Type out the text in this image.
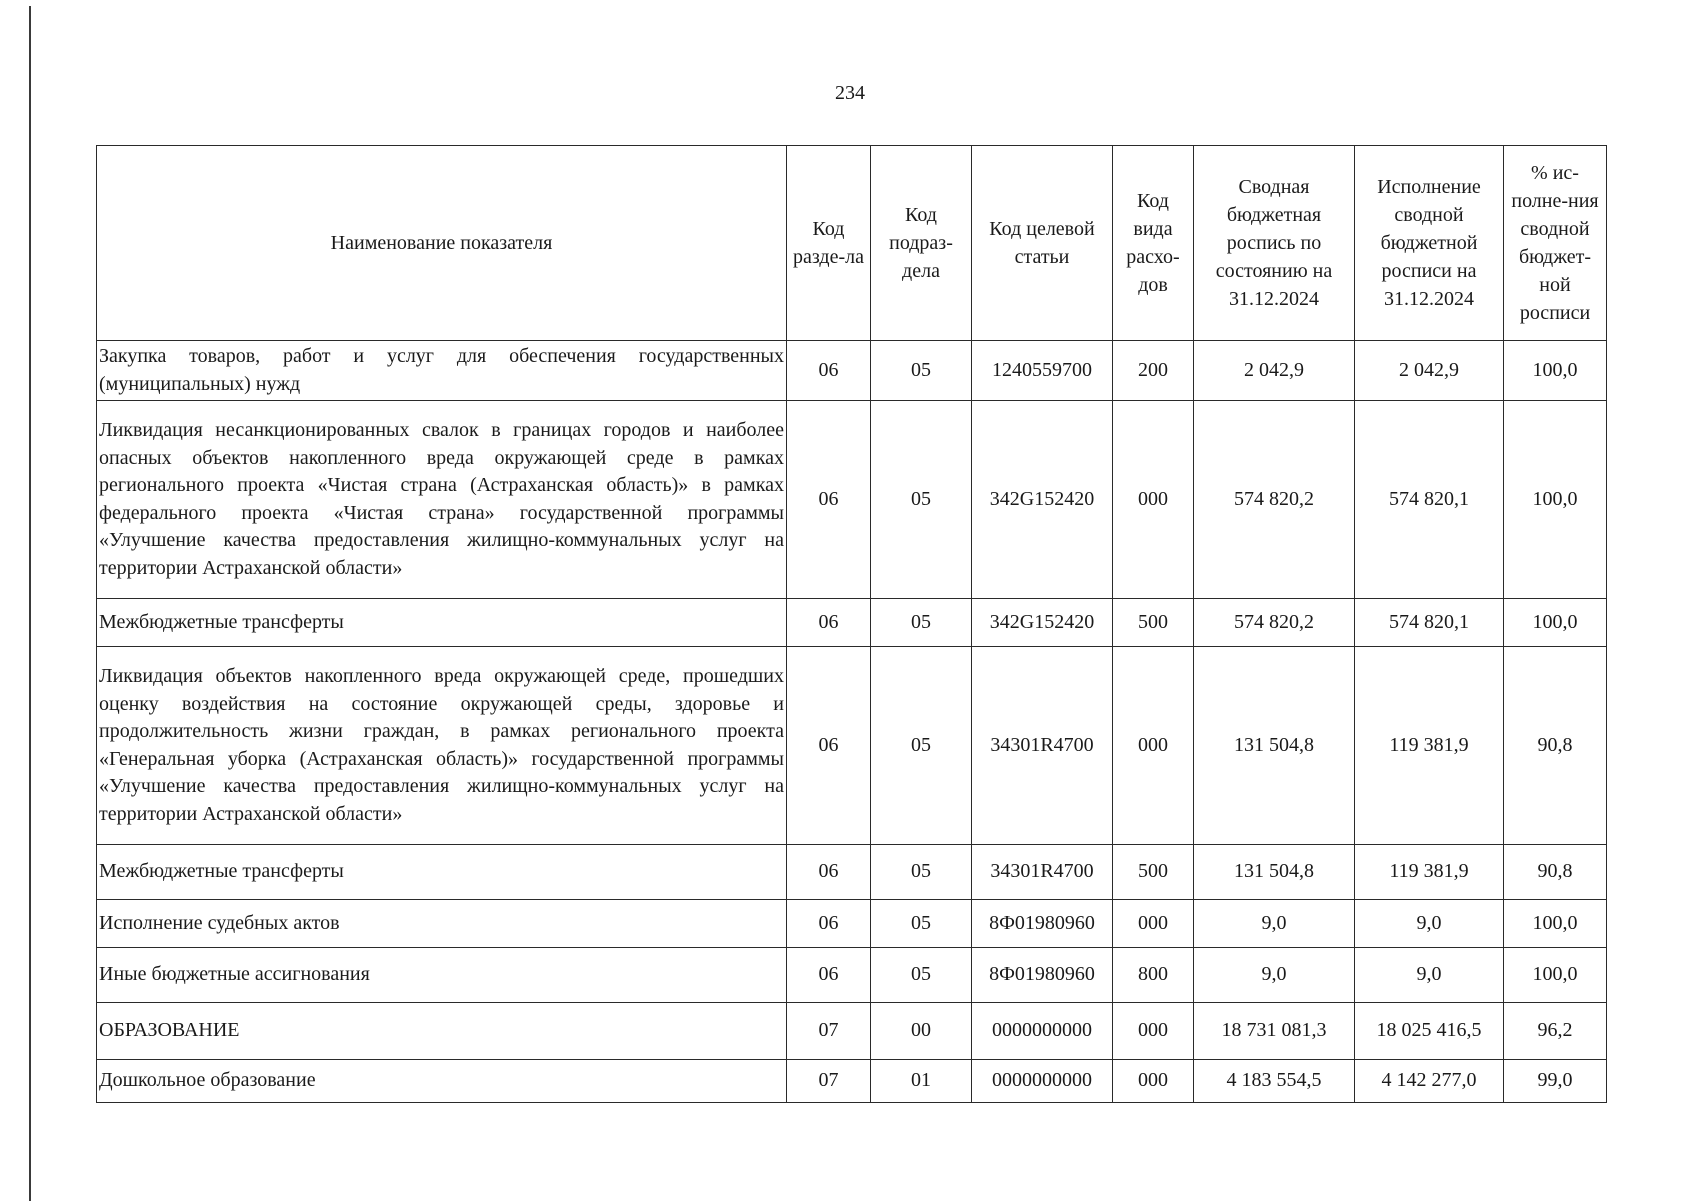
234
Наименование показателя	Код разде-ла	Код подраз-дела	Код целевой статьи	Код вида расхо-дов	Сводная бюджетная роспись по состоянию на 31.12.2024	Исполнение сводной бюджетной росписи на 31.12.2024	% ис-полне-ния сводной бюджет-ной росписи
Закупка товаров, работ и услуг для обеспечения государственных (муниципальных) нужд	06	05	1240559700	200	2 042,9	2 042,9	100,0
Ликвидация несанкционированных свалок в границах городов и наиболее опасных объектов накопленного вреда окружающей среде в рамках регионального проекта «Чистая страна (Астраханская область)» в рамках федерального проекта «Чистая страна» государственной программы «Улучшение качества предоставления жилищно-коммунальных услуг на территории Астраханской области»	06	05	342G152420	000	574 820,2	574 820,1	100,0
Межбюджетные трансферты	06	05	342G152420	500	574 820,2	574 820,1	100,0
Ликвидация объектов накопленного вреда окружающей среде, прошедших оценку воздействия на состояние окружающей среды, здоровье и продолжительность жизни граждан, в рамках регионального проекта «Генеральная уборка (Астраханская область)» государственной программы «Улучшение качества предоставления жилищно-коммунальных услуг на территории Астраханской области»	06	05	34301R4700	000	131 504,8	119 381,9	90,8
Межбюджетные трансферты	06	05	34301R4700	500	131 504,8	119 381,9	90,8
Исполнение судебных актов	06	05	8Ф01980960	000	9,0	9,0	100,0
Иные бюджетные ассигнования	06	05	8Ф01980960	800	9,0	9,0	100,0
ОБРАЗОВАНИЕ	07	00	0000000000	000	18 731 081,3	18 025 416,5	96,2
Дошкольное образование	07	01	0000000000	000	4 183 554,5	4 142 277,0	99,0
